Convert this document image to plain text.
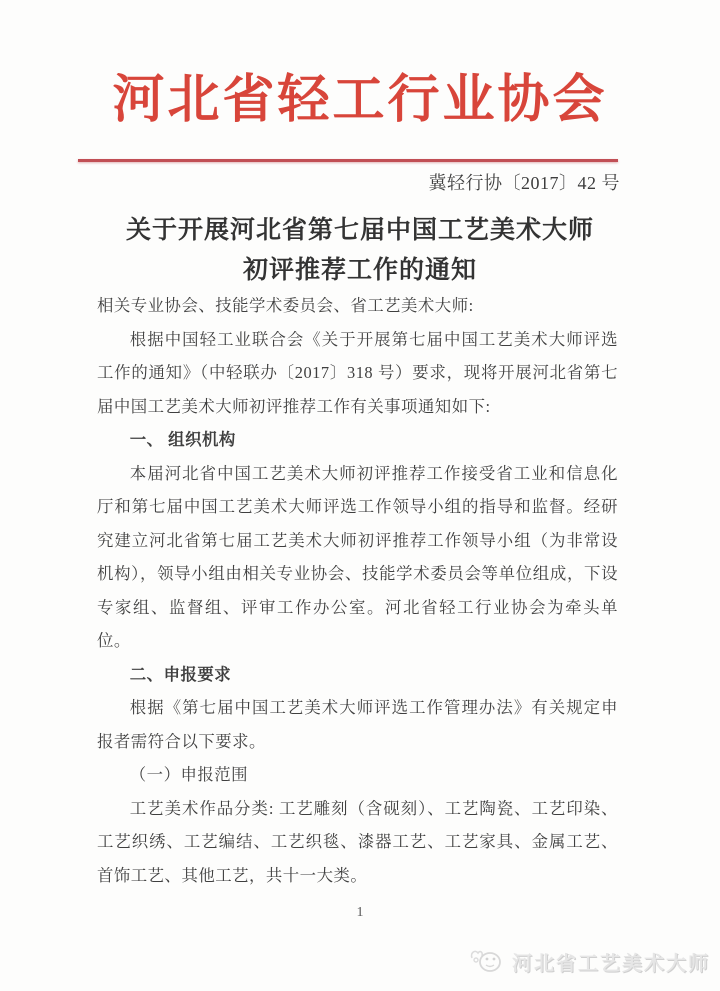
河北省轻工行业协会
冀轻行协〔2017〕42 号
关于开展河北省第七届中国工艺美术大师
初评推荐工作的通知

相关专业协会、技能学术委员会、省工艺美术大师:

根据中国轻工业联合会《关于开展第七届中国工艺美术大师评选工作的通知》（中轻联办〔2017〕318 号）要求，现将开展河北省第七届中国工艺美术大师初评推荐工作有关事项通知如下:

一、 组织机构

本届河北省中国工艺美术大师初评推荐工作接受省工业和信息化厅和第七届中国工艺美术大师评选工作领导小组的指导和监督。经研究建立河北省第七届工艺美术大师初评推荐工作领导小组（为非常设机构），领导小组由相关专业协会、技能学术委员会等单位组成，下设专家组、监督组、评审工作办公室。河北省轻工行业协会为牵头单位。

二、申报要求

根据《第七届中国工艺美术大师评选工作管理办法》有关规定申报者需符合以下要求。

（一）申报范围

工艺美术作品分类: 工艺雕刻（含砚刻）、工艺陶瓷、工艺印染、工艺织绣、工艺编结、工艺织毯、漆器工艺、工艺家具、金属工艺、首饰工艺、其他工艺，共十一大类。

1
河北省工艺美术大师
